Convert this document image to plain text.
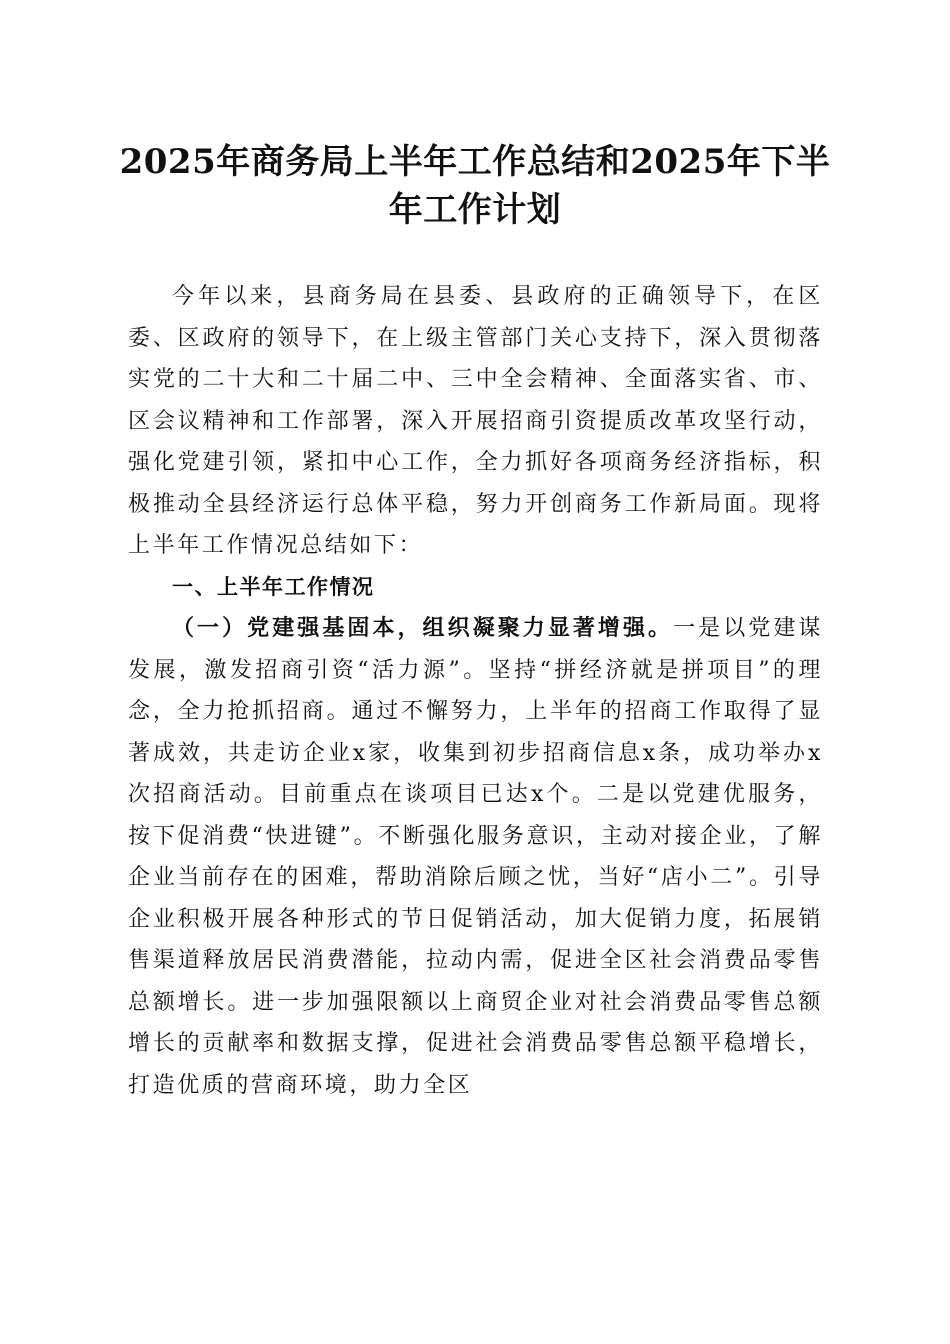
2025年商务局上半年工作总结和2025年下半
年工作计划

今年以来，县商务局在县委、县政府的正确领导下，在区委、区政府的领导下，在上级主管部门关心支持下，深入贯彻落实党的二十大和二十届二中、三中全会精神、全面落实省、市、区会议精神和工作部署，深入开展招商引资提质改革攻坚行动，强化党建引领，紧扣中心工作，全力抓好各项商务经济指标，积极推动全县经济运行总体平稳，努力开创商务工作新局面。现将上半年工作情况总结如下：

一、上半年工作情况

（一）党建强基固本，组织凝聚力显著增强。一是以党建谋发展，激发招商引资“活力源”。坚持“拼经济就是拼项目”的理念，全力抢抓招商。通过不懈努力，上半年的招商工作取得了显著成效，共走访企业x家，收集到初步招商信息x条，成功举办x次招商活动。目前重点在谈项目已达x个。二是以党建优服务，按下促消费“快进键”。不断强化服务意识，主动对接企业，了解企业当前存在的困难，帮助消除后顾之忧，当好“店小二”。引导企业积极开展各种形式的节日促销活动，加大促销力度，拓展销售渠道释放居民消费潜能，拉动内需，促进全区社会消费品零售总额增长。进一步加强限额以上商贸企业对社会消费品零售总额增长的贡献率和数据支撑，促进社会消费品零售总额平稳增长，打造优质的营商环境，助力全区
